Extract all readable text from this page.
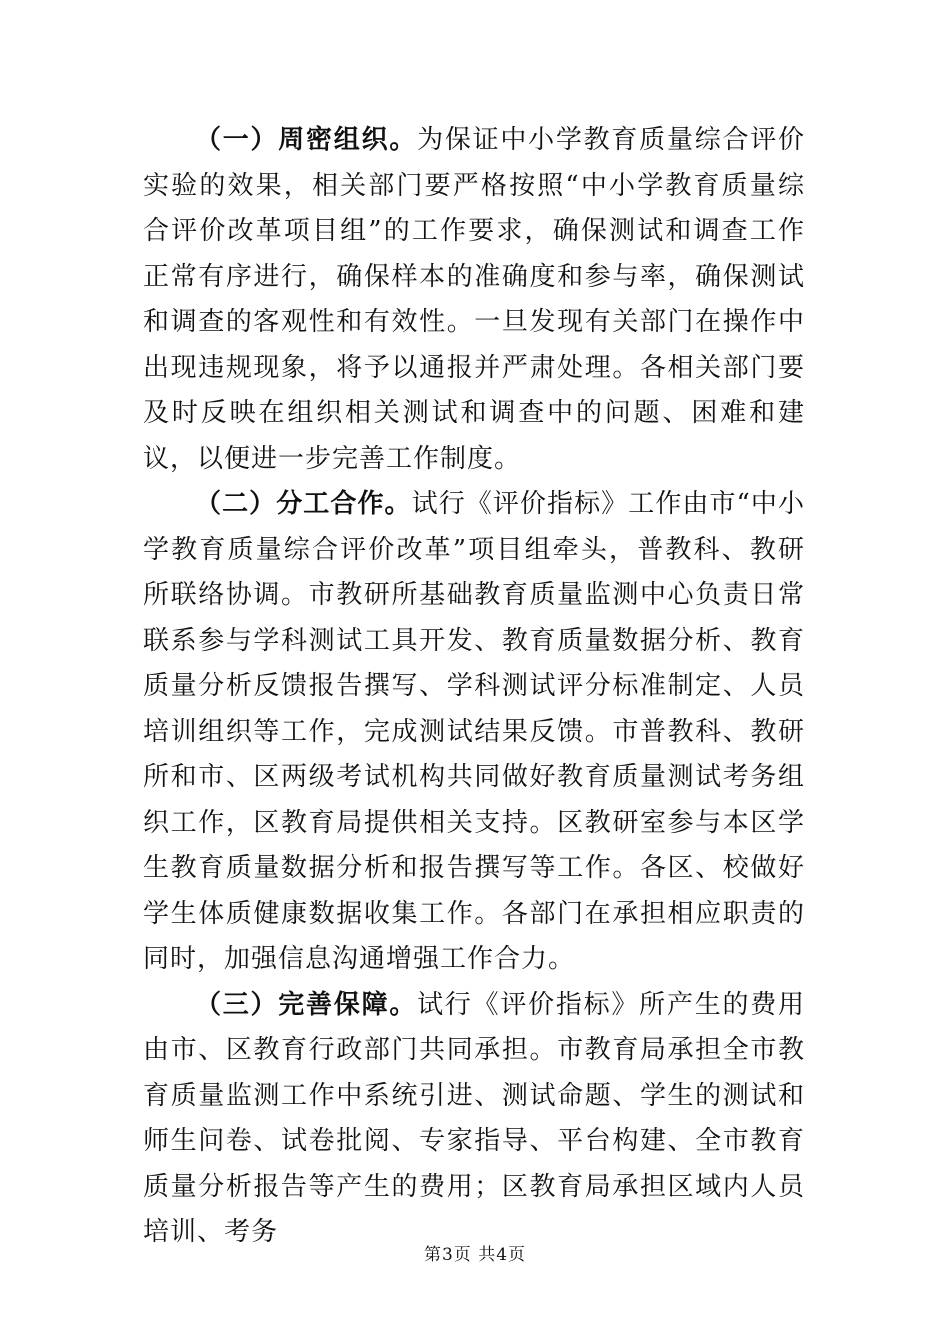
（一）周密组织。为保证中小学教育质量综合评价实验的效果，相关部门要严格按照“中小学教育质量综合评价改革项目组”的工作要求，确保测试和调查工作正常有序进行，确保样本的准确度和参与率，确保测试和调查的客观性和有效性。一旦发现有关部门在操作中出现违规现象，将予以通报并严肃处理。各相关部门要及时反映在组织相关测试和调查中的问题、困难和建议，以便进一步完善工作制度。

（二）分工合作。试行《评价指标》工作由市“中小学教育质量综合评价改革”项目组牵头，普教科、教研所联络协调。市教研所基础教育质量监测中心负责日常联系参与学科测试工具开发、教育质量数据分析、教育质量分析反馈报告撰写、学科测试评分标准制定、人员培训组织等工作，完成测试结果反馈。市普教科、教研所和市、区两级考试机构共同做好教育质量测试考务组织工作，区教育局提供相关支持。区教研室参与本区学生教育质量数据分析和报告撰写等工作。各区、校做好学生体质健康数据收集工作。各部门在承担相应职责的同时，加强信息沟通增强工作合力。

（三）完善保障。试行《评价指标》所产生的费用由市、区教育行政部门共同承担。市教育局承担全市教育质量监测工作中系统引进、测试命题、学生的测试和师生问卷、试卷批阅、专家指导、平台构建、全市教育质量分析报告等产生的费用；区教育局承担区域内人员培训、考务

第3页 共4页
